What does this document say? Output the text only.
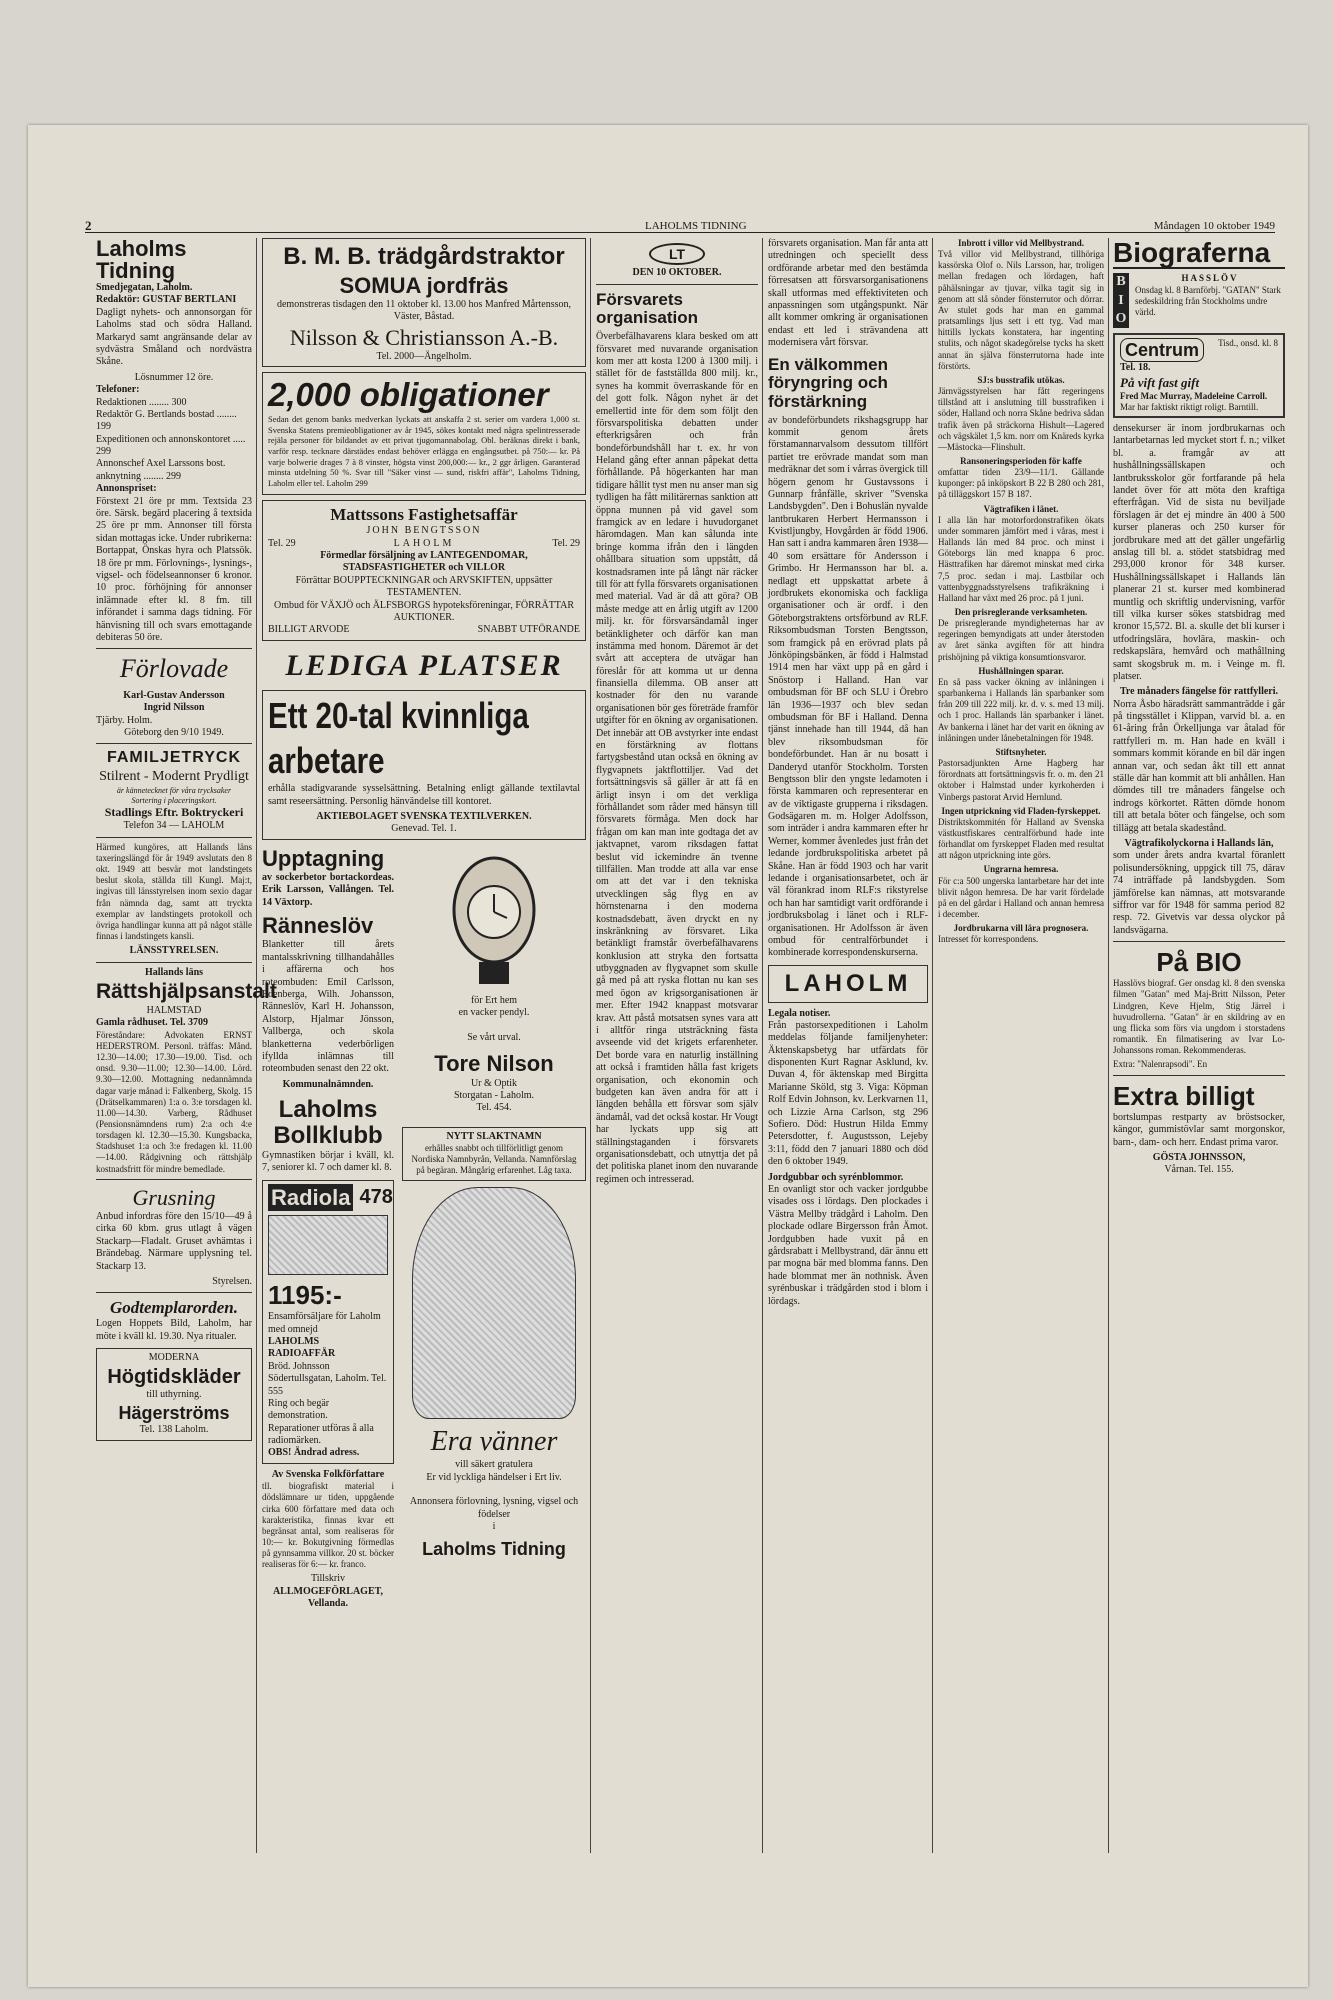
2	LAHOLMS TIDNING	Måndagen 10 oktober 1949
Laholms Tidning
Smedjegatan, Laholm.
Redaktör: GUSTAF BERTLANI

Dagligt nyhets- och annonsorgan för Laholms stad och södra Halland. Markaryd samt angränsande delar av sydvästra Småland och nordvästra Skåne.

Lösnummer 12 öre.
Telefoner:
Redaktionen ........ 300
Redaktör G. Bertlands bostad ........ 199
Expeditionen och annonskontoret ..... 299
Annonschef Axel Larssons bost. anknytning ........ 299
Annonspriset:

Förstext 21 öre pr mm. Textsida 23 öre. Särsk. begärd placering å textsida 25 öre pr mm. Annonser till första sidan mottagas icke. Under rubrikerna: Bortappat, Önskas hyra och Platssök. 18 öre pr mm. Förlovnings-, lysnings-, vigsel- och födelseannonser 6 kronor. 10 proc. förhöjning för annonser inlämnade efter kl. 8 fm. till införandet i samma dags tidning. För hänvisning till och svars emottagande debiteras 50 öre.

Förlovade
Karl-Gustav Andersson
Ingrid Nilsson
Tjärby. Holm.
Göteborg den 9/10 1949.
FAMILJETRYCK
Stilrent - Modernt Prydligt
är kännetecknet för våra trycksaker
Sortering i placeringskort.
Stadlings Eftr. Boktryckeri
Telefon 34 — LAHOLM

Härmed kungöres, att Hallands läns taxeringslängd för år 1949 avslutats den 8 okt. 1949 att besvär mot landstingets beslut skola, ställda till Kungl. Maj:t, ingivas till länsstyrelsen inom sexio dagar från nämnda dag, samt att tryckta exemplar av landstingets protokoll och övriga handlingar kunna att på något ställe finnas i landstingets kansli.

LÄNSSTYRELSEN.
Hallands läns
Rättshjälpsanstalt
HALMSTAD
Gamla rådhuset. Tel. 3709

Föreståndare: Advokaten ERNST HEDERSTROM. Personl. träffas: Månd. 12.30—14.00; 17.30—19.00. Tisd. och onsd. 9.30—11.00; 12.30—14.00. Lörd. 9.30—12.00. Mottagning nedannämnda dagar varje månad i: Falkenberg, Skolg. 15 (Drätselkammaren) 1:a o. 3:e torsdagen kl. 11.00—14.30. Varberg, Rådhuset (Pensionsnämndens rum) 2:a och 4:e torsdagen kl. 12.30—15.30. Kungsbacka, Stadshuset 1:a och 3:e fredagen kl. 11.00—14.00. Rådgivning och rättshjälp kostnadsfritt för mindre bemedlade.

Grusning

Anbud infordras före den 15/10—49 å cirka 60 kbm. grus utlagt å vägen Stackarp—Fladalt. Gruset avhämtas i Brändebag. Närmare upplysning tel. Stackarp 13.

Styrelsen.
Godtemplarorden.

Logen Hoppets Bild, Laholm, har möte i kväll kl. 19.30. Nya ritualer.

MODERNA
Högtidskläder
till uthyrning.
Hägerströms
Tel. 138 Laholm.
B. M. B. trädgårdstraktor
SOMUA jordfräs
demonstreras tisdagen den 11 oktober kl. 13.00 hos Manfred Mårtensson, Väster, Båstad.
Nilsson & Christiansson A.-B.
Tel. 2000—Ängelholm.
2,000 obligationer

Sedan det genom banks medverkan lyckats att anskaffa 2 st. serier om vardera 1,000 st. Svenska Statens premieobligationer av år 1945, sökes kontakt med några spelintresserade rejäla personer för bildandet av ett privat tjugomannabolag. Obl. beräknas direkt i bank, varför resp. tecknare därstädes endast behöver erlägga en engångsutbet. på 750:— kr. På varje bolwerie drages 7 à 8 vinster, högsta vinst 200,000:— kr., 2 ggr årligen. Garanterad minsta utdelning 50 %. Svar till "Säker vinst — sund, riskfri affär", Laholms Tidning, Laholm eller tel. Laholm 299

Mattssons Fastighetsaffär
JOHN BENGTSSON
Tel. 29	LAHOLM	Tel. 29
Förmedlar försäljning av LANTEGENDOMAR, STADSFASTIGHETER och VILLOR
Förrättar BOUPPTECKNINGAR och ARVSKIFTEN, uppsätter TESTAMENTEN.
Ombud för VÄXJÖ och ÄLFSBORGS hypoteksföreningar, FÖRRÄTTAR AUKTIONER.
BILLIGT ARVODE	SNABBT UTFÖRANDE
LEDIGA PLATSER
Ett 20-tal kvinnliga arbetare

erhålla stadigvarande sysselsättning. Betalning enligt gällande textilavtal samt reseersättning. Personlig hänvändelse till kontoret.

AKTIEBOLAGET SVENSKA TEXTILVERKEN.
Genevad. Tel. 1.
Upptagning

av sockerbetor bortackordeas. Erik Larsson, Vallången. Tel. 14 Växtorp.

Ränneslöv

Blanketter till årets mantalsskrivning tillhandahålles i affärerna och hos roteombuden: Emil Carlsson, Edenberga, Wilh. Johansson, Ränneslöv, Karl H. Johansson, Alstorp, Hjalmar Jönsson, Vallberga, och skola blanketterna vederbörligen ifyllda inlämnas till roteombuden senast den 22 okt.

Kommunalnämnden.
Laholms Bollklubb

Gymnastiken börjar i kväll, kl. 7, seniorer kl. 7 och damer kl. 8.

Radiola 478
1195:-
Ensamförsäljare för Laholm med omnejd
LAHOLMS RADIOAFFÄR
Bröd. Johnsson
Södertullsgatan, Laholm. Tel. 555
Ring och begär demonstration.
Reparationer utföras å alla radiomärken.
OBS! Ändrad adress.
Av Svenska Folkförfattare

tll. biografiskt material i dödslämnare ur tiden, uppgående cirka 600 författare med data och karakteristika, finnas kvar ett begränsat antal, som realiseras för 10:— kr. Bokutgivning förmedlas på gynnsamma villkor. 20 st. böcker realiseras för 6:— kr. franco.

Tillskriv
ALLMOGEFÖRLAGET, Vellanda.
för Ert hem
en vacker pendyl.

Se vårt urval.
Tore Nilson
Ur & Optik
Storgatan - Laholm.
Tel. 454.
NYTT SLAKTNAMN
erhålles snabbt och tillförlitligt genom Nordiska Namnbyrån, Vellanda. Namnförslag på begäran. Mångårig erfarenhet. Låg taxa.
Era vänner
vill säkert gratulera
Er vid lyckliga händelser i Ert liv.

Annonsera förlovning, lysning, vigsel och födelser
i
Laholms Tidning
LT
DEN 10 OKTOBER.
Försvarets organisation

Överbefälhavarens klara besked om att försvaret med nuvarande organisation kom mer att kosta 1200 à 1300 milj. i stället för de fastställda 800 milj. kr., synes ha kommit överraskande för en del gott folk. Någon nyhet är det emellertid inte för dem som följt den försvarspolitiska debatten under efterkrigsåren och från bondeförbundshåll har t. ex. hr von Heland gång efter annan påpekat detta förhållande. På högerkanten har man tidigare hållit tyst men nu anser man sig tydligen ha fått militärernas sanktion att öppna munnen på vid gavel som framgick av en ledare i huvudorganet häromdagen. Man kan sålunda inte bringe komma ifrån den i längden ohållbara situation som uppstått, då kostnadsramen inte på långt när räcker till för att fylla försvarets organisationen med material. Vad är då att göra? OB måste medge att en årlig utgift av 1200 milj. kr. för försvarsändamål inger betänkligheter och därför kan man instämma med honom. Däremot är det svårt att acceptera de utvägar han föreslår för att komma ut ur denna finansiella dilemma. OB anser att kostnader för den nu varande organisationen bör ges företräde framför utgifter för en ökning av organisationen. Det innebär att OB avstyrker inte endast en förstärkning av flottans fartygsbestånd utan också en ökning av flygvapnets jaktflottiljer. Vad det fortsättningsvis så gäller är att få en ärligt insyn i om det verkliga förhållandet som råder med hänsyn till försvarets förmåga. Men dock har frågan om kan man inte godtaga det av jaktvapnet, varom riksdagen fattat beslut vid ickemindre än tvenne tillfällen. Man trodde att alla var ense om att det var i den tekniska utvecklingen såg flyg en av hörnstenarna i den moderna kostnadsdebatt, även dryckt en ny inskränkning av försvaret. Lika betänkligt framstår överbefälhavarens konklusion att stryka den fortsatta utbyggnaden av flygvapnet som skulle gå med på att ryska flottan nu kan ses med ögon av krigsorganisationen är mer. Efter 1942 knappast motsvarar krav. Att påstå motsatsen synes vara att i alltför ringa utsträckning fästa avseende vid det krigets erfarenheter. Det borde vara en naturlig inställning att också i framtiden hålla fast krigets organisation, och ekonomin och budgeten kan även andra för att i längden behålla ett försvar som själv ändamål, vad det också kostar. Hr Vougt har lyckats upp sig att ställningstaganden i försvarets organisationsdebatt, och utnyttja det på det politiska planet inom den nuvarande regimen och intresserad.

försvarets organisation. Man får anta att utredningen och speciellt dess ordförande arbetar med den bestämda förresatsen att försvarsorganisationens skall utformas med effektiviteten och anpassningen som utgångspunkt. När allt kommer omkring är organisationen endast ett led i strävandena att modernisera vårt försvar.

En välkommen föryngring och förstärkning

av bondeförbundets rikshagsgrupp har kommit genom årets förstamannarvalsom dessutom tillfört partiet tre erövrade mandat som man medräknar det som i vårras övergick till högern genom hr Gustavssons i Gunnarp frånfälle, skriver "Svenska Landsbygden". Den i Bohuslän nyvalde lantbrukaren Herbert Hermansson i Kvistljungby, Hovgården är född 1906. Han satt i andra kammaren åren 1938—40 som ersättare för Andersson i Grimbo. Hr Hermansson har bl. a. nedlagt ett uppskattat arbete å jordbrukets ekonomiska och fackliga organisationer och är ordf. i den Göteborgstraktens ortsförbund av RLF. Riksombudsman Torsten Bengtsson, som framgick på en erövrad plats på Jönköpingsbänken, är född i Halmstad 1914 men har växt upp på en gård i Snöstorp i Halland. Han var ombudsman för BF och SLU i Örebro län 1936—1937 och blev sedan ombudsman för BF i Halland. Denna tjänst innehade han till 1944, då han blev riksombudsman för bondeförbundet. Han är nu bosatt i Danderyd utanför Stockholm. Torsten Bengtsson blir den yngste ledamoten i första kammaren och representerar en av de viktigaste grupperna i riksdagen. Godsägaren m. m. Holger Adolfsson, som inträder i andra kammaren efter hr Werner, kommer åvenledes just från det ledande jordbrukspolitiska arbetet på Skåne. Han är född 1903 och har varit ledande i organisationsarbetet, och är väl förankrad inom RLF:s rikstyrelse och han har samtidigt varit ordförande i jordbruksbolag i länet och i RLF-organisationen. Hr Adolfsson är även ombud för centralförbundet i kombinerade korrespondenskurserna.

LAHOLM
Legala notiser.

Från pastorsexpeditionen i Laholm meddelas följande familjenyheter: Äktenskapsbetyg har utfärdats för disponenten Kurt Ragnar Asklund, kv. Duvan 4, för äktenskap med Birgitta Marianne Sköld, stg 3. Viga: Köpman Rolf Edvin Johnson, kv. Lerkvarnen 11, och Lizzie Arna Carlson, stg 296 Sofiero. Död: Hustrun Hilda Emmy Petersdotter, f. Augustsson, Lejeby 3:11, född den 7 januari 1880 och död den 6 oktober 1949.

Jordgubbar och syrénblommor.

En ovanligt stor och vacker jordgubbe visades oss i lördags. Den plockades i Västra Mellby trädgård i Laholm. Den plockade odlare Birgersson från Ämot. Jordgubben hade vuxit på en gårdsrabatt i Mellbystrand, där ännu ett par mogna bär med blomma fanns. Den hade blommat mer än nothnisk. Även syrénbuskar i trädgården stod i blom i lördags.

Inbrott i villor vid Mellbystrand.

Två villor vid Mellbystrand, tillhöriga kassörska Olof o. Nils Larsson, har, troligen mellan fredagen och lördagen, haft påhälsningar av tjuvar, vilka tagit sig in genom att slå sönder fönsterrutor och dörrar. Av stulet gods har man en gammal pratsamlings ljus sett i ett tyg. Vad man hittills lyckats konstatera, har ingenting stulits, och något skadegörelse tycks ha skett annat än själva fönsterrutorna hade inte förstörts.

SJ:s busstrafik utökas.

Järnvägsstyrelsen har fått regeringens tillstånd att i anslutning till busstrafiken i söder, Halland och norra Skåne bedriva sådan trafik även på sträckorna Hishult—Lagered och vägskälet 1,5 km. norr om Knäreds kyrka—Mästocka—Flinshult.

Ransoneringsperioden för kaffe

omfattar tiden 23/9—11/1. Gällande kuponger: på inköpskort B 22 B 280 och 281, på tilläggskort 157 B 187.

Vägtrafiken i länet.

I alla län har motorfordonstrafiken ökats under sommaren jämfört med i våras, mest i Hallands län med 84 proc. och minst i Göteborgs län med knappa 6 proc. Hästtrafiken har däremot minskat med cirka 7,5 proc. sedan i maj. Lastbilar och vattenbyggnadsstyrelsens trafikräkning i Halland har växt med 26 proc. på 1 juni.

Den prisreglerande verksamheten.

De prisreglerande myndigheternas har av regeringen bemyndigats att under återstoden av året sänka avgiften för att hindra prishöjning på viktiga konsumtionsvaror.

Hushållningen sparar.

En så pass vacker ökning av inlåningen i sparbankerna i Hallands län sparbanker som från 209 till 222 milj. kr. d. v. s. med 13 milj. och 1 proc. Hallands län sparbanker i länet. Av bankerna i länet har det varit en ökning av inlåningen under lånebetalningen för 1948.

Stiftsnyheter.

Pastorsadjunkten Arne Hagberg har förordnats att fortsättningsvis fr. o. m. den 21 oktober i Halmstad under kyrkoherden i Vinbergs pastorat Arvid Hernlund.

Ingen utprickning vid Fladen-fyrskeppet.

Distriktskommitén för Halland av Svenska västkustfiskares centralförbund hade inte förhandlat om fyrskeppet Fladen med resultat att någon utprickning inte görs.

Ungrarna hemresa.

För c:a 500 ungerska lantarbetare har det inte blivit någon hemresa. De har varit fördelade på en del gårdar i Halland och annan hemresa i december.

Jordbrukarna vill lära prognosera.

Intresset för korrespondens.

Biograferna
B
I
O
HASSLÖV
Onsdag kl. 8 Barnförbj. "GATAN" Stark sedeskildring från Stockholms undre värld.
Centrum	Tisd., onsd. kl. 8
Tel. 18.
På vift fast gift
Fred Mac Murray, Madeleine Carroll.
Mar har faktiskt riktigt roligt. Barntill.

densekurser är inom jordbrukarnas och lantarbetarnas led mycket stort f. n.; vilket bl. a. framgår av att hushållningssällskapen och lantbruksskolor gör fortfarande på hela landet över för att möta den kraftiga efterfrågan. Vid de sista nu beviljade förslagen är det ej mindre än 400 à 500 kurser planeras och 250 kurser för jordbrukare med att det gäller ungefärlig anslag till bl. a. stödet statsbidrag med 293,000 kronor för 348 kurser. Hushållningssällskapet i Hallands län planerar 21 st. kurser med kombinerad muntlig och skriftlig undervisning, varför till vilka kurser sökes statsbidrag med kronor 15,572. Bl. a. skulle det bli kurser i utfodringslära, hovlära, maskin- och redskapslära, hemvård och mathållning samt skogsbruk m. m. i Veinge m. fl. platser.

Tre månaders fängelse för rattfylleri.

Norra Åsbo häradsrätt sammanträdde i går på tingsstället i Klippan, varvid bl. a. en 61-åring från Örkelljunga var åtalad för rattfylleri m. m. Han hade en kväll i sommars kommit körande en bil där ingen annan var, och sedan åkt till ett annat ställe där han kommit att bli anhållen. Han dömdes till tre månaders fängelse och indrogs körkortet. Rätten dömde honom till att betala böter och fängelse, och som tillägg att betala skadestånd.

Vägtrafikolyckorna i Hallands län,

som under årets andra kvartal föranlett polisundersökning, uppgick till 75, därav 74 inträffade på landsbygden. Som jämförelse kan nämnas, att motsvarande siffror var för 1948 för samma period 82 resp. 72. Givetvis var dessa olyckor på landsvägarna.

På BIO

Hasslövs biograf. Ger onsdag kl. 8 den svenska filmen "Gatan" med Maj-Britt Nilsson, Peter Lindgren, Keve Hjelm, Stig Järrel i huvudrollerna. "Gatan" är en skildring av en ung flicka som förs via ungdom i storstadens romantik. En filmatisering av Ivar Lo-Johanssons roman. Rekommenderas.

Extra: "Nalenrapsodi". En
Extra billigt

bortslumpas restparty av bröstsocker, kängor, gummistövlar samt morgonskor, barn-, dam- och herr. Endast prima varor.

GÖSTA JOHNSSON,
Vårnan. Tel. 155.
